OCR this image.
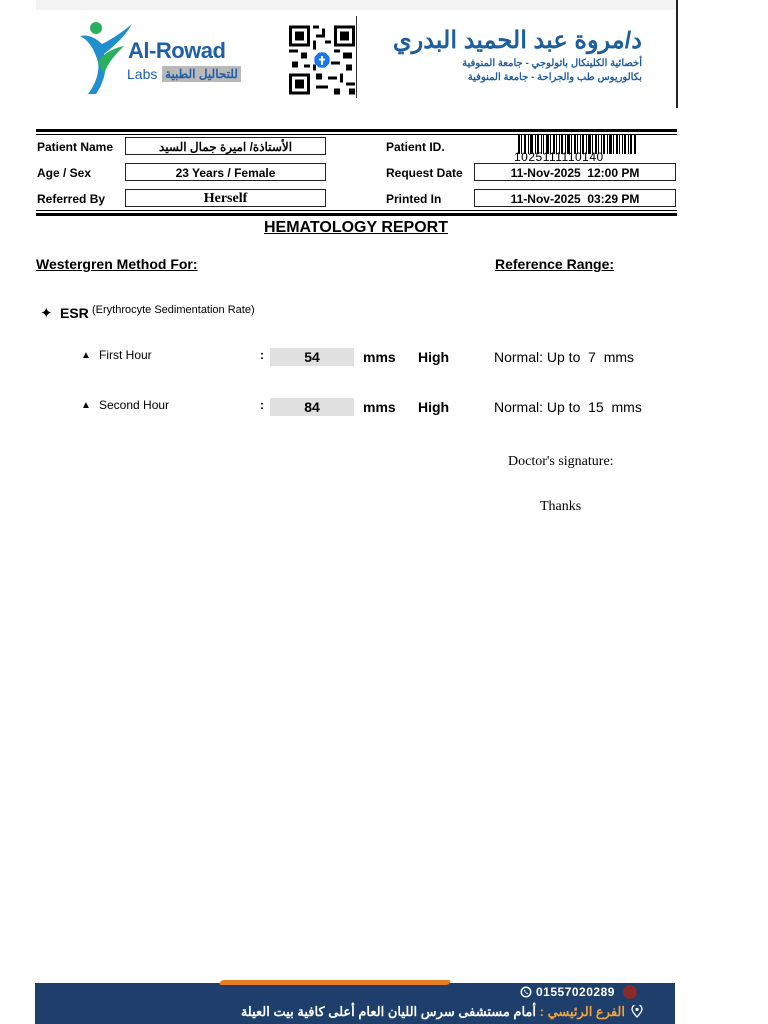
Al-Rowad
Labs للتحاليل الطبية
د/مروة عبد الحميد البدري
أخصائية الكلينكال باثولوجي - جامعة المنوفية
بكالوريوس طب والجراحة - جامعة المنوفية
Patient Name	الأستاذة/ اميرة جمال السيد
Age / Sex	23 Years / Female
Referred By	Herself
Patient ID.
1025111110140
Request Date	11-Nov-2025  12:00 PM
Printed In	11-Nov-2025  03:29 PM
HEMATOLOGY REPORT
Westergren Method For:	Reference Range:
✦ ESR (Erythrocyte Sedimentation Rate)
▲ First Hour	:	54	mms High	Normal: Up to  7  mms
▲ Second Hour	:	84	mms High	Normal: Up to  15  mms
Doctor's signature:
Thanks
01557020289
الفرع الرئيسي : أمام مستشفى سرس الليان العام أعلى كافية بيت العيلة
